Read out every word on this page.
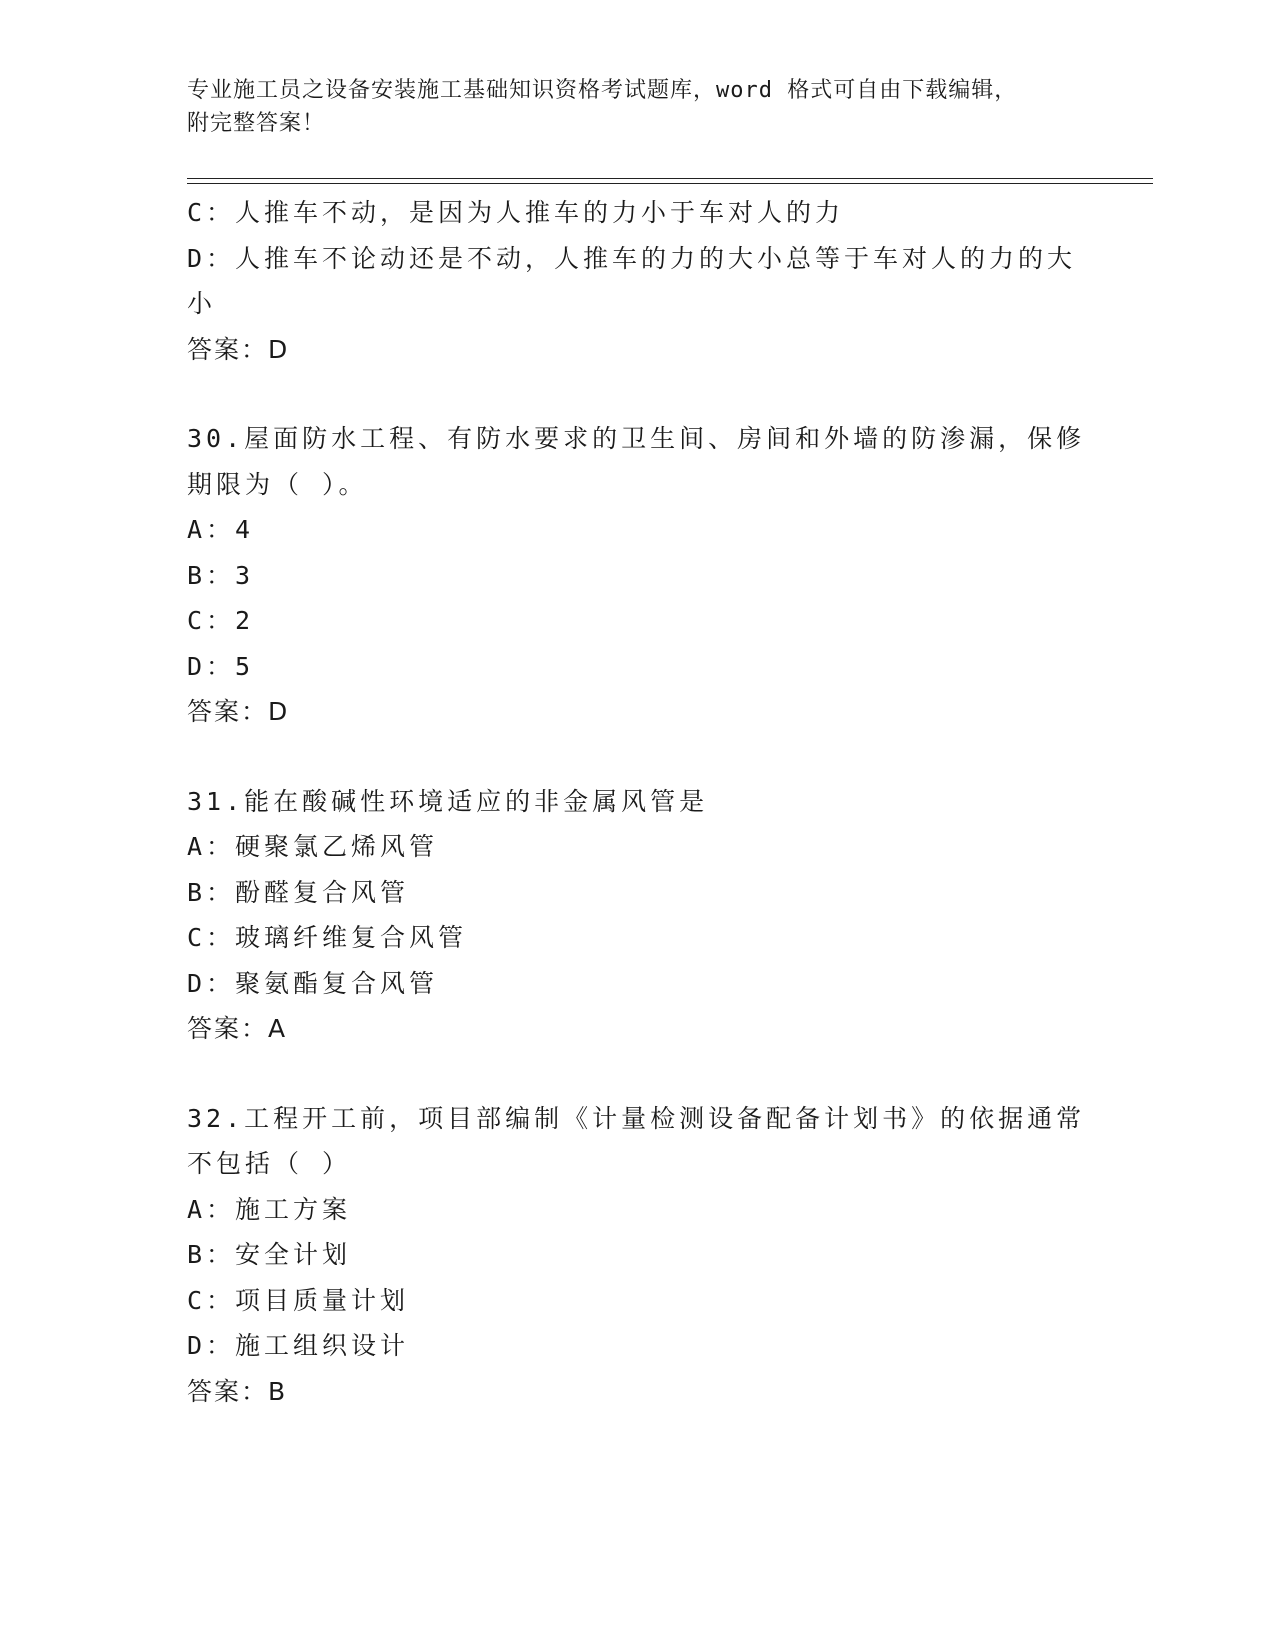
专业施工员之设备安装施工基础知识资格考试题库，word 格式可自由下载编辑，
附完整答案！
C：人推车不动，是因为人推车的力小于车对人的力
D：人推车不论动还是不动，人推车的力的大小总等于车对人的力的大
小
答案：D
30.屋面防水工程、有防水要求的卫生间、房间和外墙的防渗漏，保修
期限为（ ）。
A：4
B：3
C：2
D：5
答案：D
31.能在酸碱性环境适应的非金属风管是
A：硬聚氯乙烯风管
B：酚醛复合风管
C：玻璃纤维复合风管
D：聚氨酯复合风管
答案：A
32.工程开工前，项目部编制《计量检测设备配备计划书》的依据通常
不包括（ ）
A：施工方案
B：安全计划
C：项目质量计划
D：施工组织设计
答案：B
